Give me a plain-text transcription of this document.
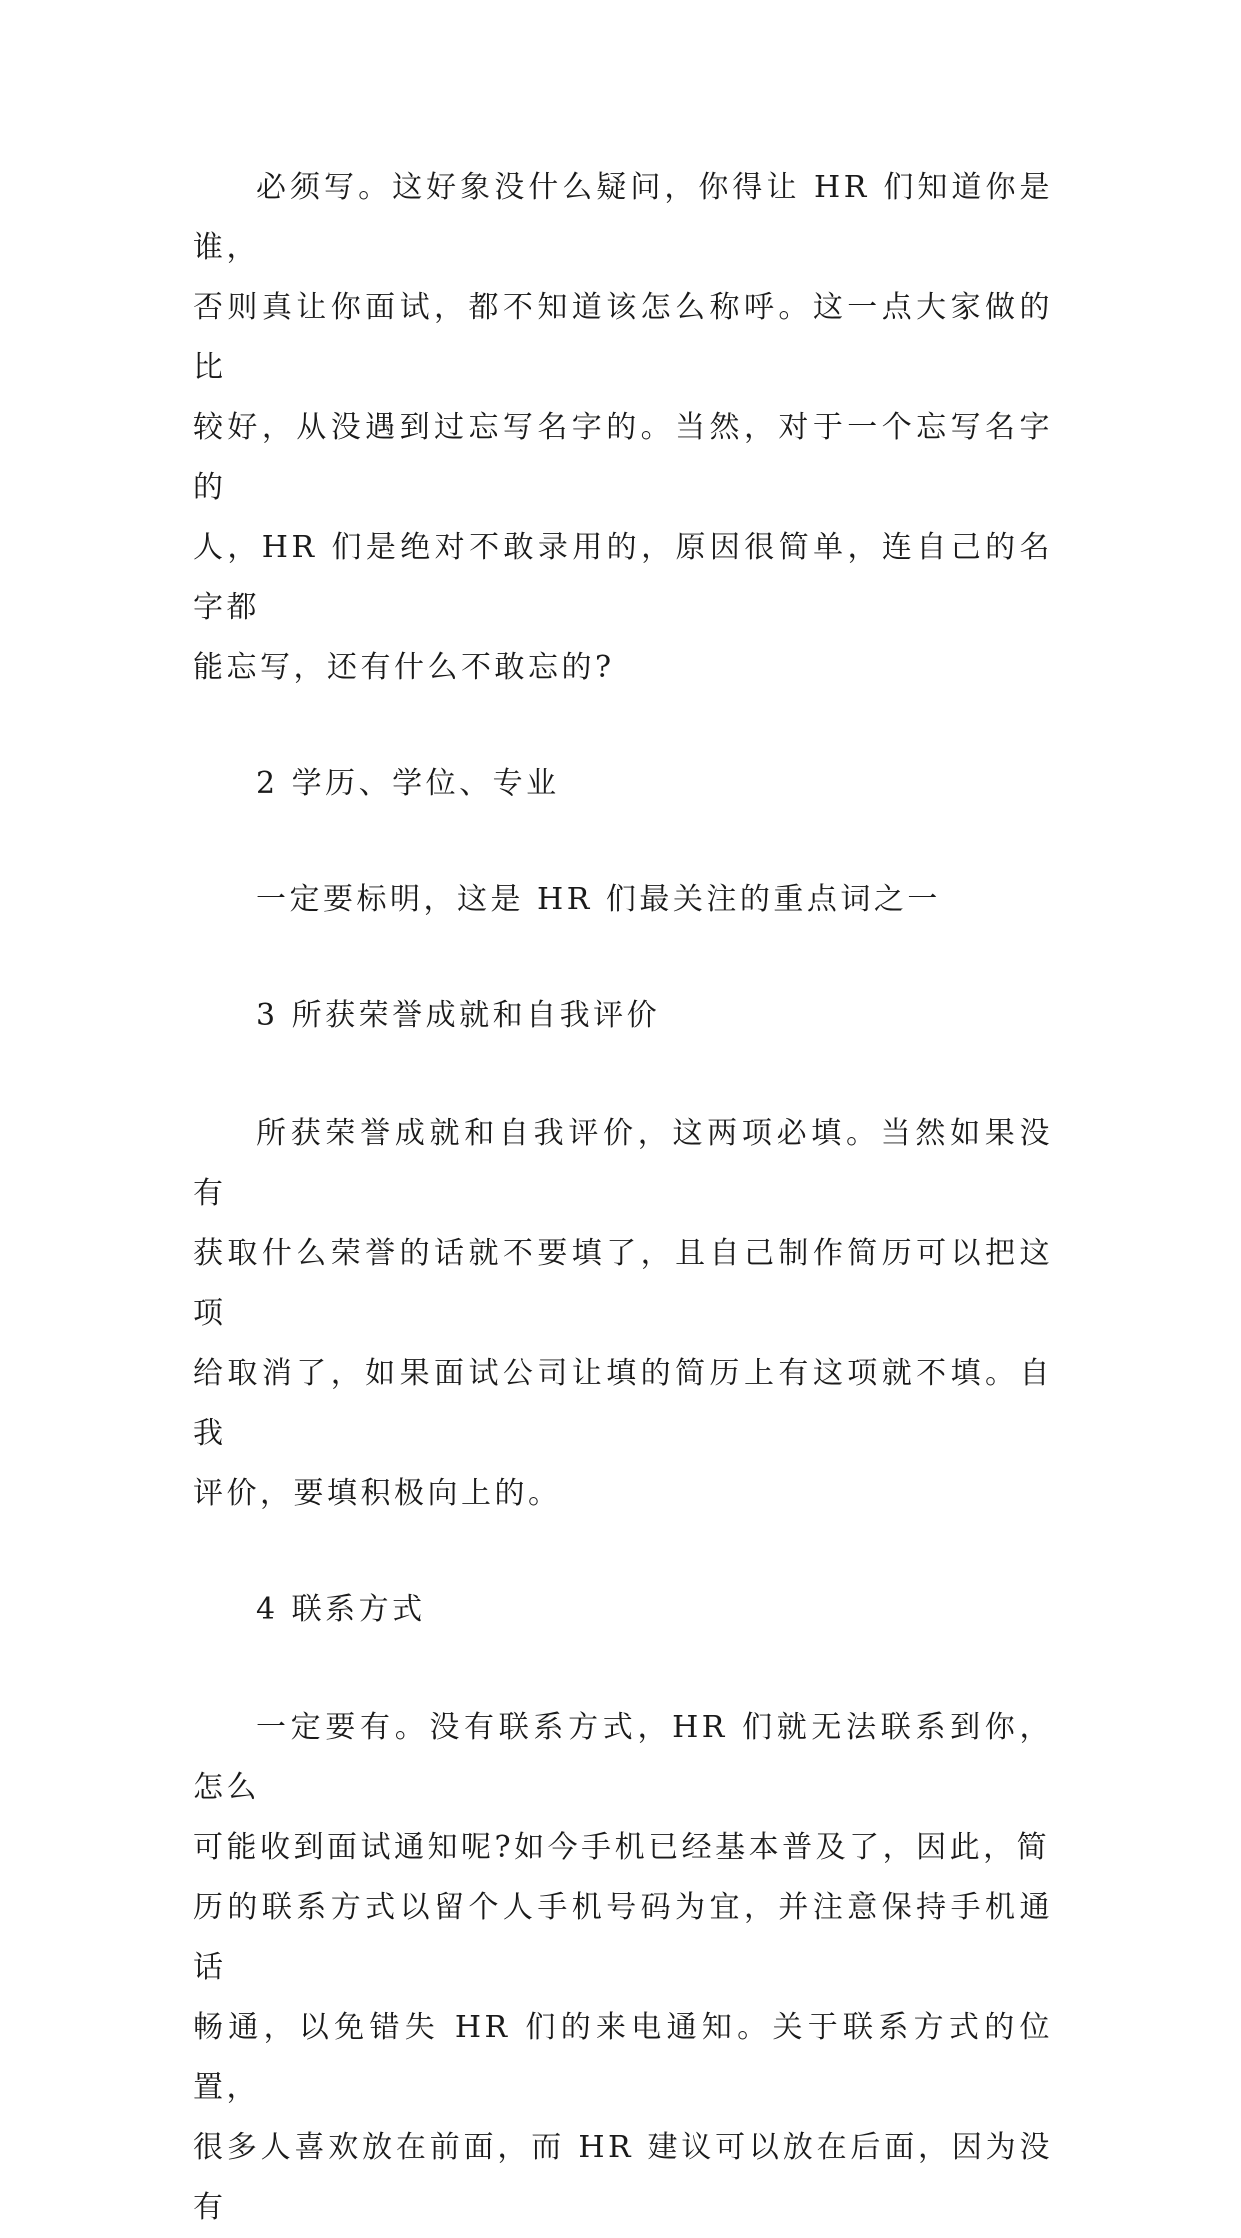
必须写。这好象没什么疑问，你得让 HR 们知道你是谁，
否则真让你面试，都不知道该怎么称呼。这一点大家做的比
较好，从没遇到过忘写名字的。当然，对于一个忘写名字的
人，HR 们是绝对不敢录用的，原因很简单，连自己的名字都
能忘写，还有什么不敢忘的?

2 学历、学位、专业

一定要标明，这是 HR 们最关注的重点词之一

3 所获荣誉成就和自我评价

所获荣誉成就和自我评价，这两项必填。当然如果没有
获取什么荣誉的话就不要填了，且自己制作简历可以把这项
给取消了，如果面试公司让填的简历上有这项就不填。自我
评价，要填积极向上的。

4 联系方式

一定要有。没有联系方式，HR 们就无法联系到你，怎么
可能收到面试通知呢?如今手机已经基本普及了，因此，简
历的联系方式以留个人手机号码为宜，并注意保持手机通话
畅通，以免错失 HR 们的来电通知。关于联系方式的位置，
很多人喜欢放在前面，而 HR 建议可以放在后面，因为没有
